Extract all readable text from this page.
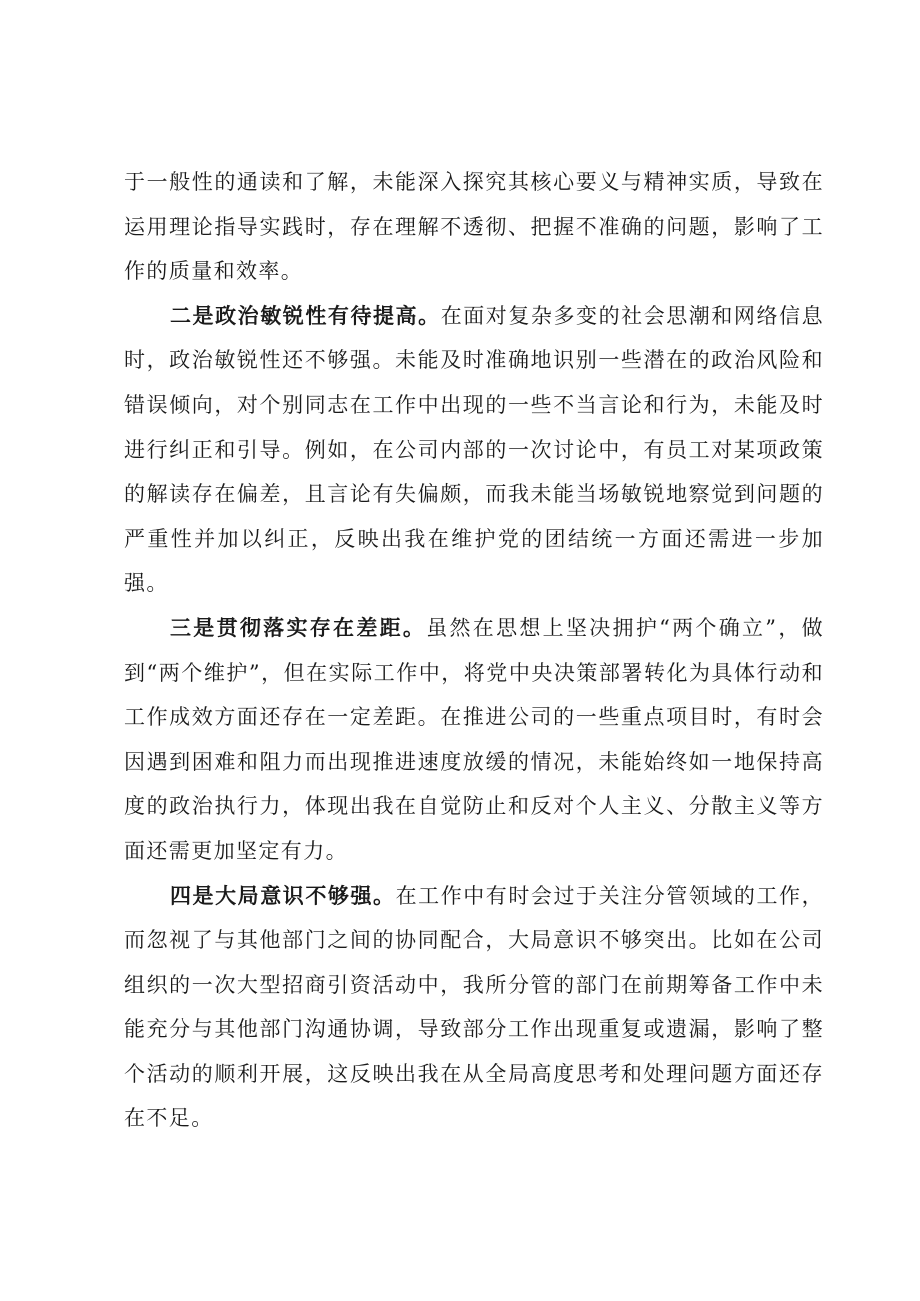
于一般性的通读和了解，未能深入探究其核心要义与精神实质，导致在运用理论指导实践时，存在理解不透彻、把握不准确的问题，影响了工作的质量和效率。

二是政治敏锐性有待提高。在面对复杂多变的社会思潮和网络信息时，政治敏锐性还不够强。未能及时准确地识别一些潜在的政治风险和错误倾向，对个别同志在工作中出现的一些不当言论和行为，未能及时进行纠正和引导。例如，在公司内部的一次讨论中，有员工对某项政策的解读存在偏差，且言论有失偏颇，而我未能当场敏锐地察觉到问题的严重性并加以纠正，反映出我在维护党的团结统一方面还需进一步加强。

三是贯彻落实存在差距。虽然在思想上坚决拥护“两个确立”，做到“两个维护”，但在实际工作中，将党中央决策部署转化为具体行动和工作成效方面还存在一定差距。在推进公司的一些重点项目时，有时会因遇到困难和阻力而出现推进速度放缓的情况，未能始终如一地保持高度的政治执行力，体现出我在自觉防止和反对个人主义、分散主义等方面还需更加坚定有力。

四是大局意识不够强。在工作中有时会过于关注分管领域的工作，而忽视了与其他部门之间的协同配合，大局意识不够突出。比如在公司组织的一次大型招商引资活动中，我所分管的部门在前期筹备工作中未能充分与其他部门沟通协调，导致部分工作出现重复或遗漏，影响了整个活动的顺利开展，这反映出我在从全局高度思考和处理问题方面还存在不足。
